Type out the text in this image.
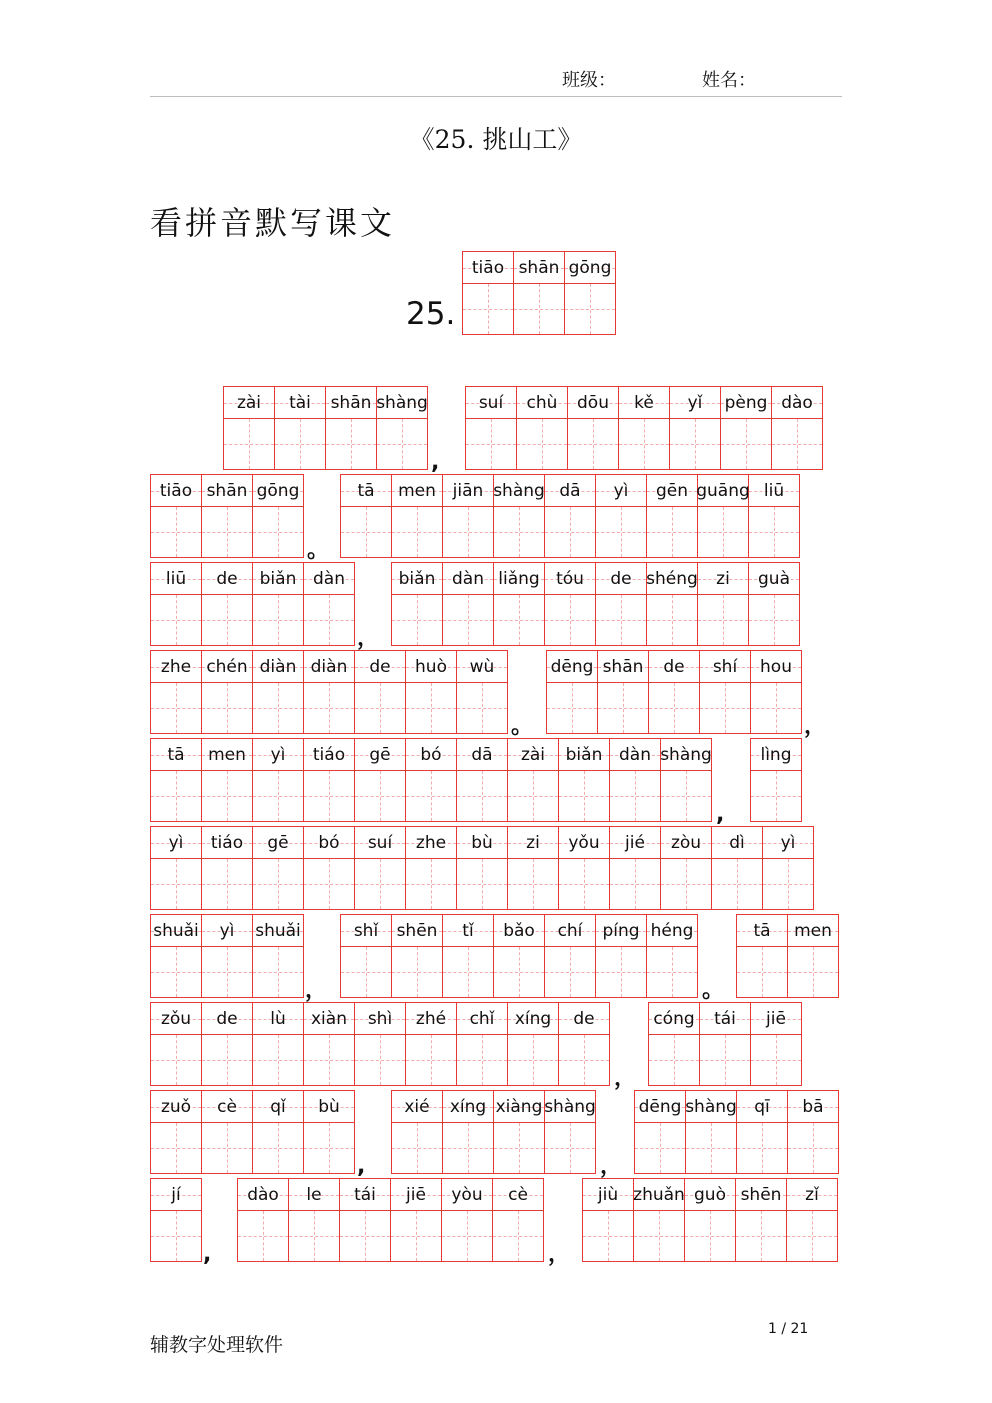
班级：	姓名：
《25. 挑山工》
看拼音默写课文
25.
tiāo shān gōng
zài tài shān shàng	suí chù dōu kě yǐ pèng dào
tiāo shān gōng	tā men jiān shàng dā yì gēn guāng liū
liū de biǎn dàn	biǎn dàn liǎng tóu de shéng zi guà
zhe chén diàn diàn de huò wù	dēng shān de shí hou
tā men yì tiáo gē bó dā zài biǎn dàn shàng	lìng
yì tiáo gē bó suí zhe bù zi yǒu jié zòu dì yì
shuǎi yì shuǎi	shǐ shēn tǐ bǎo chí píng héng	tā men
zǒu de lù xiàn shì zhé chǐ xíng de	cóng tái jiē
zuǒ cè qǐ bù	xié xíng xiàng shàng	dēng shàng qī bā
jí	dào le tái jiē yòu cè	jiù zhuǎn guò shēn zǐ
,
。
，
。	，
,
，	。
，
,	，
,	，
辅教字处理软件
1 / 21
